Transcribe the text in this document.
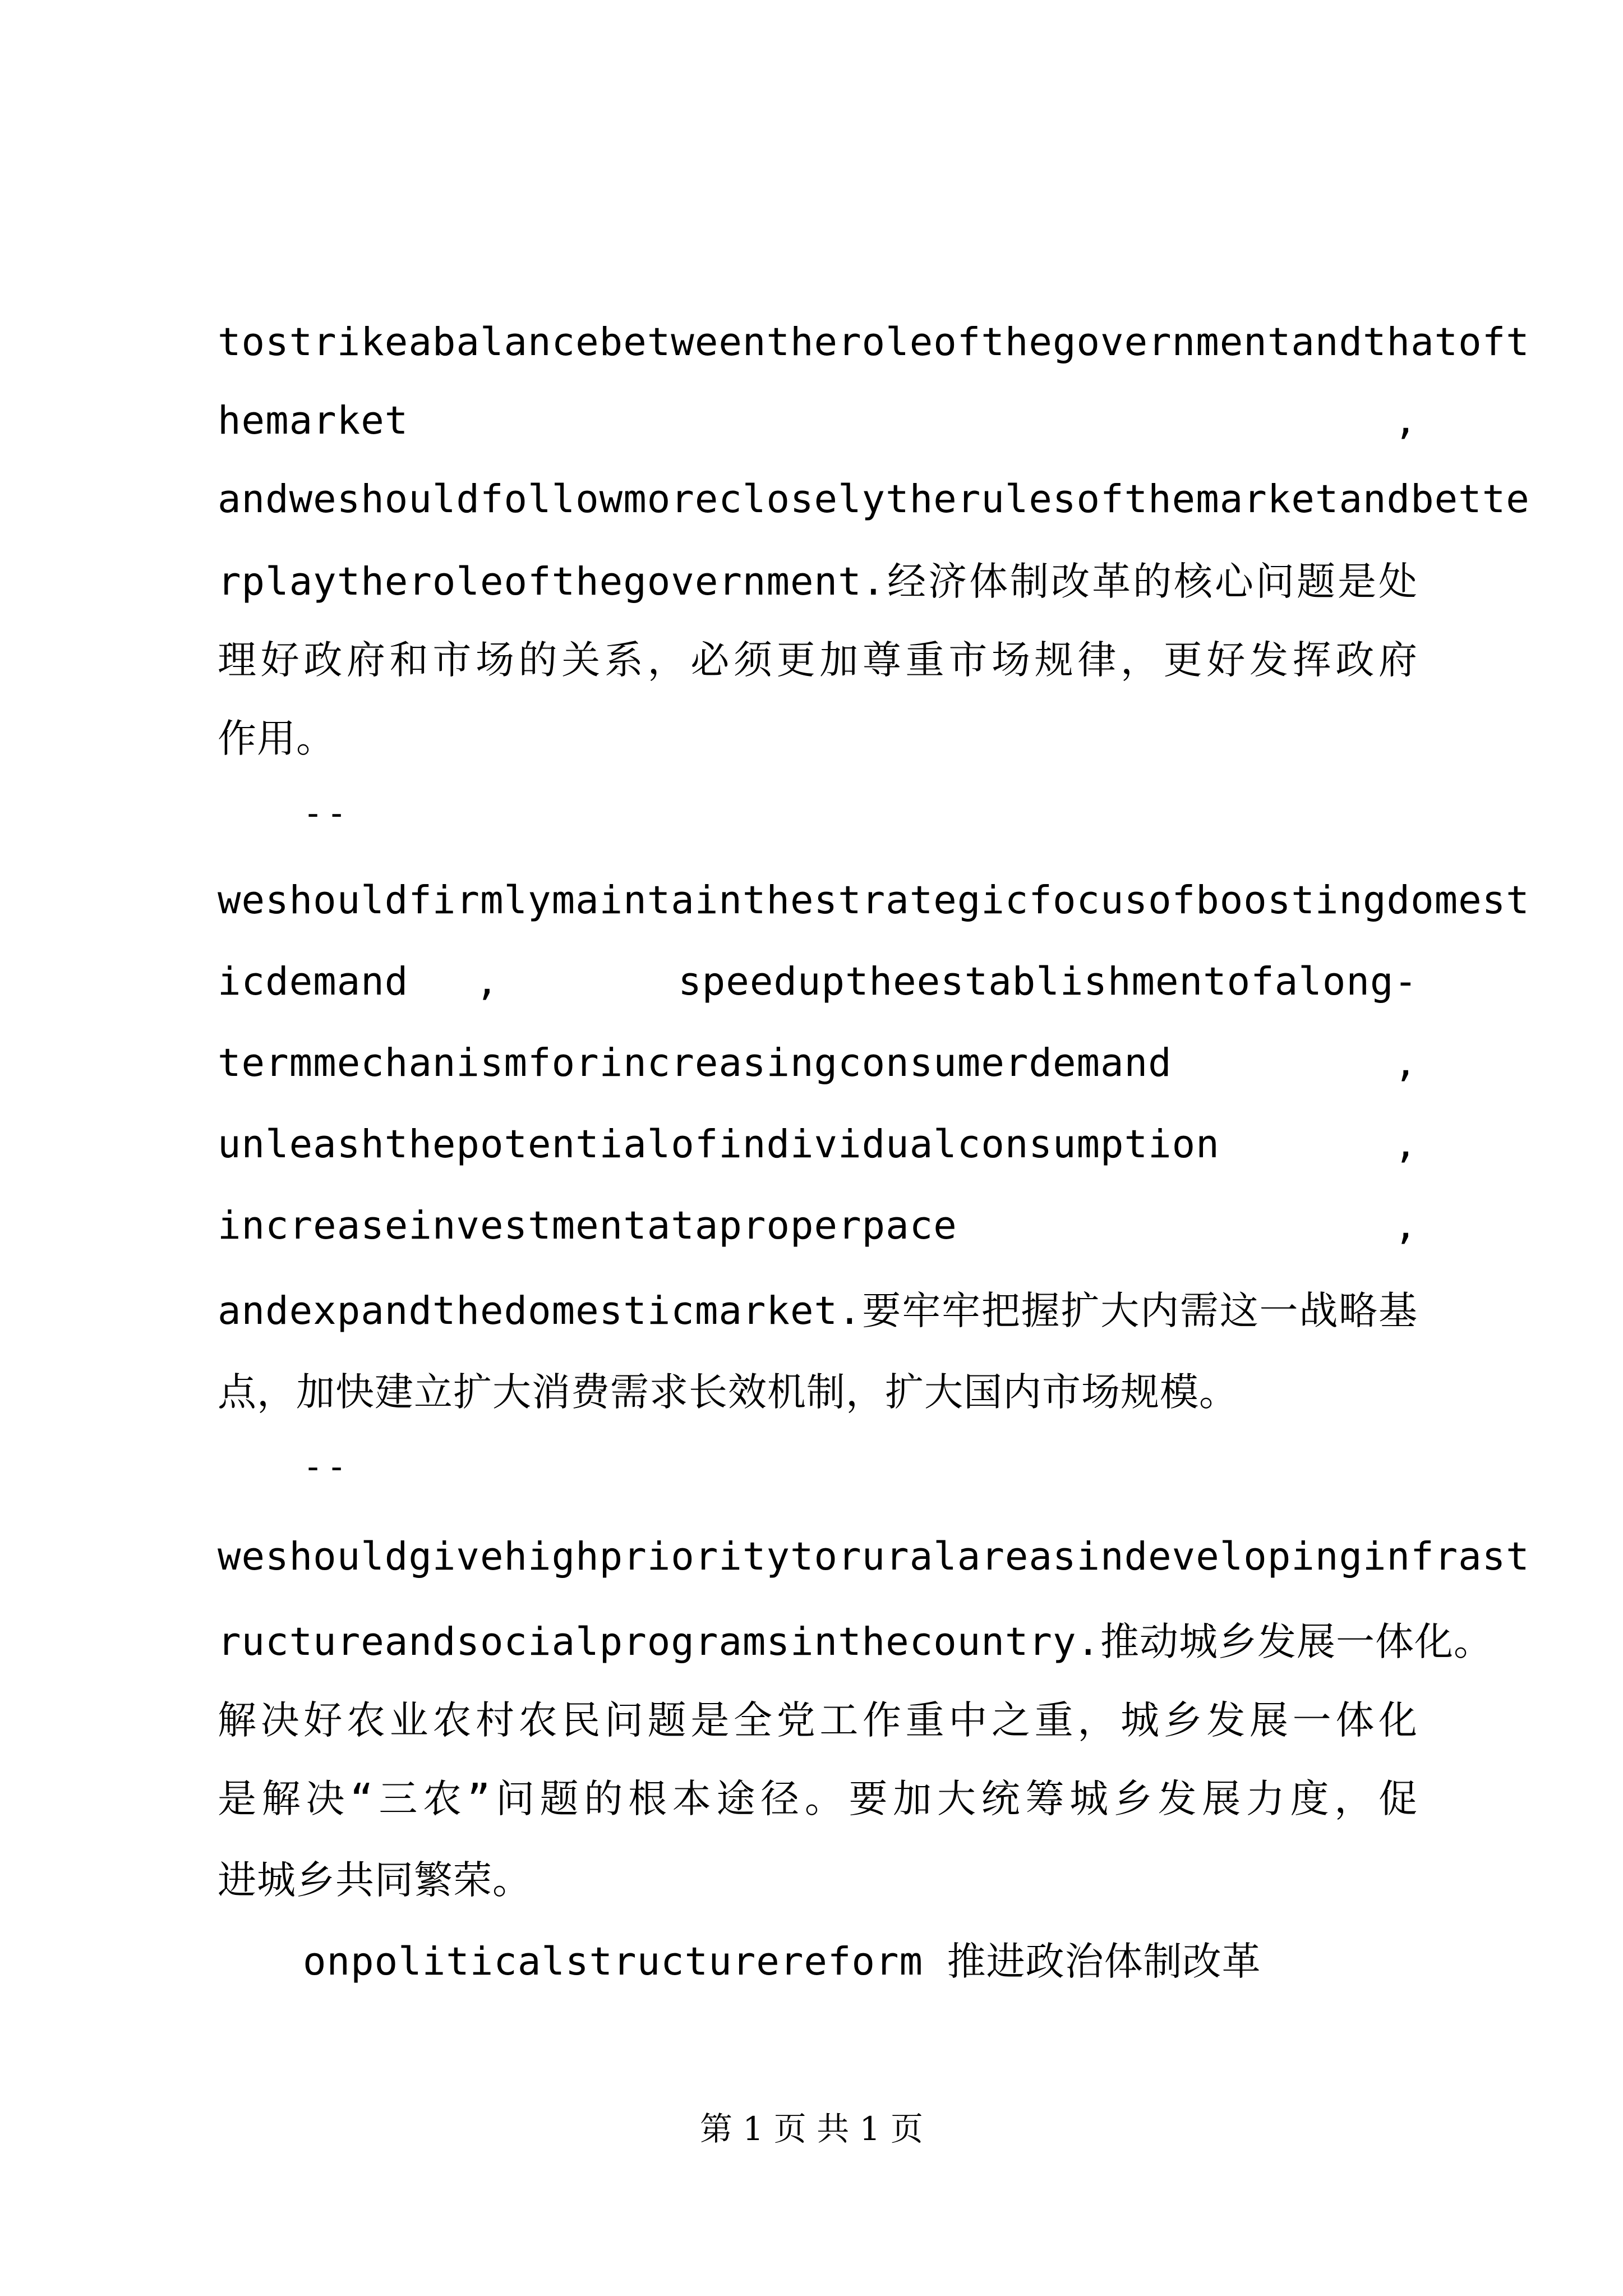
tostrikeabalancebetweentheroleofthegovernmentandthatoft
hemarket	,
andweshouldfollowmorecloselytherulesofthemarketandbette
rplaytheroleofthegovernment.经济体制改革的核心问题是处
理好政府和市场的关系，必须更加尊重市场规律，更好发挥政府
作用。
--
weshouldfirmlymaintainthestrategicfocusofboostingdomest
icdemand ,	speeduptheestablishmentofalong-
termmechanismforincreasingconsumerdemand	,
unleashthepotentialofindividualconsumption	,
increaseinvestmentataproperpace	,
andexpandthedomesticmarket.要牢牢把握扩大内需这一战略基
点，加快建立扩大消费需求长效机制，扩大国内市场规模。
--
weshouldgivehighprioritytoruralareasindevelopinginfrast
ructureandsocialprogramsinthecountry.推动城乡发展一体化。
解决好农业农村农民问题是全党工作重中之重，城乡发展一体化
是解决“三农”问题的根本途径。要加大统筹城乡发展力度，促
进城乡共同繁荣。
onpoliticalstructurereform 推进政治体制改革
第 1 页 共 1 页
